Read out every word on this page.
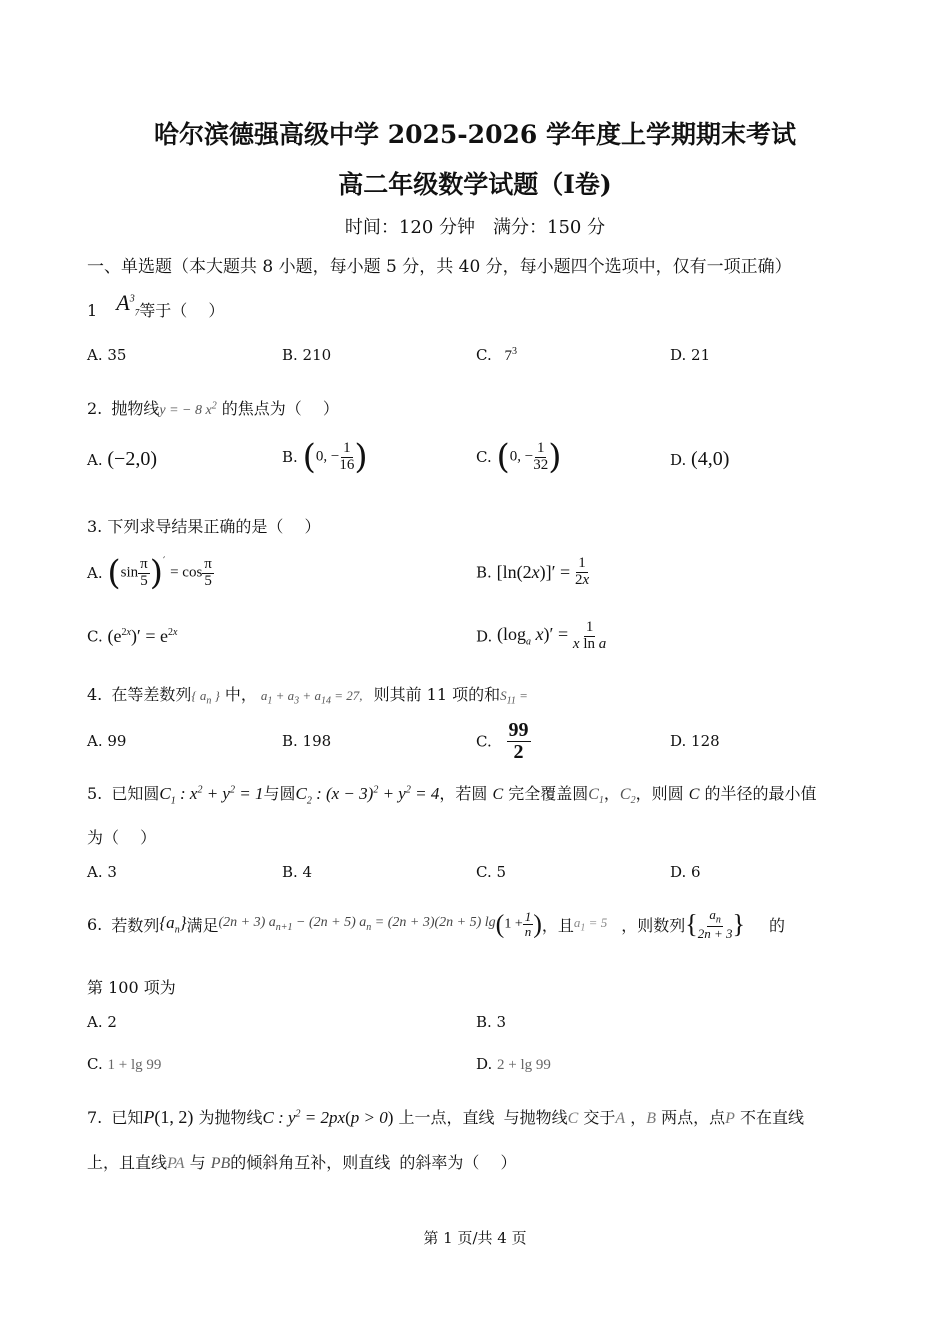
哈尔滨德强高级中学 2025-2026 学年度上学期期末考试
高二年级数学试题（Ⅰ卷)
时间：120 分钟　满分：150 分
一、单选题（本大题共 8 小题，每小题 5 分，共 40 分，每小题四个选项中，仅有一项正确）
1 $A^3_7$等于（　 ）
A. 35	B. 210	C. $7^3$	D. 21
2. 抛物线y = − 8 $x^2$ 的焦点为（　 ）
A. (−2,0)	B. (0, − $\frac{1}{16}$ )	C. (0, − $\frac{1}{32}$ )	D. (4,0)
3. 下列求导结果正确的是（　 ）
A. $(\sin \frac{\pi}{5} )' = \cos \frac{\pi}{5}$	B. $[\ln(2x)]' = \frac{1}{2x}$
C. $(e^{2x})' = e^{2x}$	D. ($\log_a$ $x)' = \frac{1}{\text{x ln a}}$
4. 在等差数列{ $a_n$ } 中， $a_1 + a_3 + a_{14} = 27$, 则其前 11 项的和$S_{11}$ =
A. 99	B. 198	C. $\frac{99}{2}$	D. 128
5. 已知圆$C_1$ : $x^2 + y^2 = 1$与圆$C_2$ : $(x - 3)^2 + y^2 = 4$，若圆 C 完全覆盖圆$C_1$，$C_2$，则圆 C 的半径的最小值
为（　 ）
A. 3	B. 4	C. 5	D. 6
6. 若数列$\{a_n\}$满足(2n + 3) $a_{n+1} - (2n + 5) a_n = (2n + 3)(2n + 5) \lg(1 + \frac{1}{n}$ )，且$a_1 = 5$ ，则数列{ $\frac{a_n}{2n + 3}$ } 的
第 100 项为
A. 2	B. 3
C. 1 + lg 99	D. 2 + lg 99
7. 已知P(1, 2) 为抛物线C : $y^2 = 2px(p > 0)$ 上一点，直线 与抛物线C 交于A ，B 两点，点P 不在直线
上，且直线PA 与 PB的倾斜角互补，则直线 的斜率为（　 ）
第 1 页/共 4 页
